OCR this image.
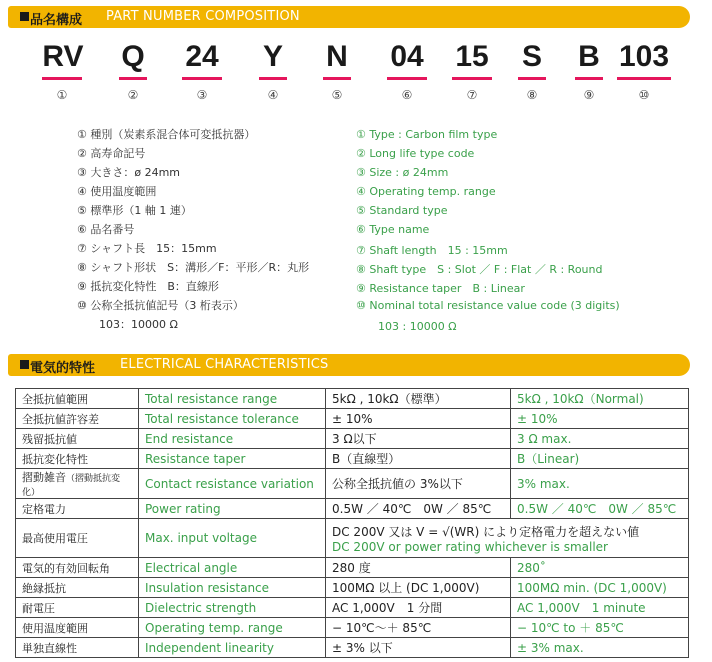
品名構成 PART NUMBER COMPOSITION
RV Q 24 Y N 04 15 S B 103
①	②	③	④	⑤	⑥	⑦	⑧	⑨	⑩
① 種別（炭素系混合体可変抵抗器）
② 高寿命記号
③ 大きさ：ø 24mm
④ 使用温度範囲
⑤ 標準形（1 軸 1 連）
⑥ 品名番号
⑦ シャフト長　15：15mm
⑧ シャフト形状　S：溝形／F：平形／R：丸形
⑨ 抵抗変化特性　B：直線形
⑩ 公称全抵抗値記号（3 桁表示）
　　103：10000 Ω
① Type : Carbon film type
② Long life type code
③ Size : ø 24mm
④ Operating temp. range
⑤ Standard type
⑥ Type name
⑦ Shaft length　15 : 15mm
⑧ Shaft type　S : Slot ／ F : Flat ／ R : Round
⑨ Resistance taper　B : Linear
⑩ Nominal total resistance value code (3 digits)
　　103 : 10000 Ω
電気的特性 ELECTRICAL CHARACTERISTICS
全抵抗値範囲	Total resistance range	5kΩ , 10kΩ（標準）	5kΩ , 10kΩ（Normal)
全抵抗値許容差	Total resistance tolerance	± 10%	± 10%
残留抵抗値	End resistance	3 Ω以下	3 Ω max.
抵抗変化特性	Resistance taper	B（直線型）	B（Linear)
摺動雑音（摺動抵抗変化）	Contact resistance variation	公称全抵抗値の 3%以下	3% max.
定格電力	Power rating	0.5W ／ 40℃　0W ／ 85℃	0.5W ／ 40℃　0W ／ 85℃
最高使用電圧	Max. input voltage	DC 200V 又は V = √(WR) により定格電力を超えない値
DC 200V or power rating whichever is smaller	

電気的有効回転角	Electrical angle	280 度	280˚
絶縁抵抗	Insulation resistance	100MΩ 以上 (DC 1,000V)	100MΩ min. (DC 1,000V)
耐電圧	Dielectric strength	AC 1,000V　1 分間	AC 1,000V　1 minute
使用温度範囲	Operating temp. range	− 10℃〜＋ 85℃	− 10℃ to ＋ 85℃
単独直線性	Independent linearity	± 3% 以下	± 3% max.
